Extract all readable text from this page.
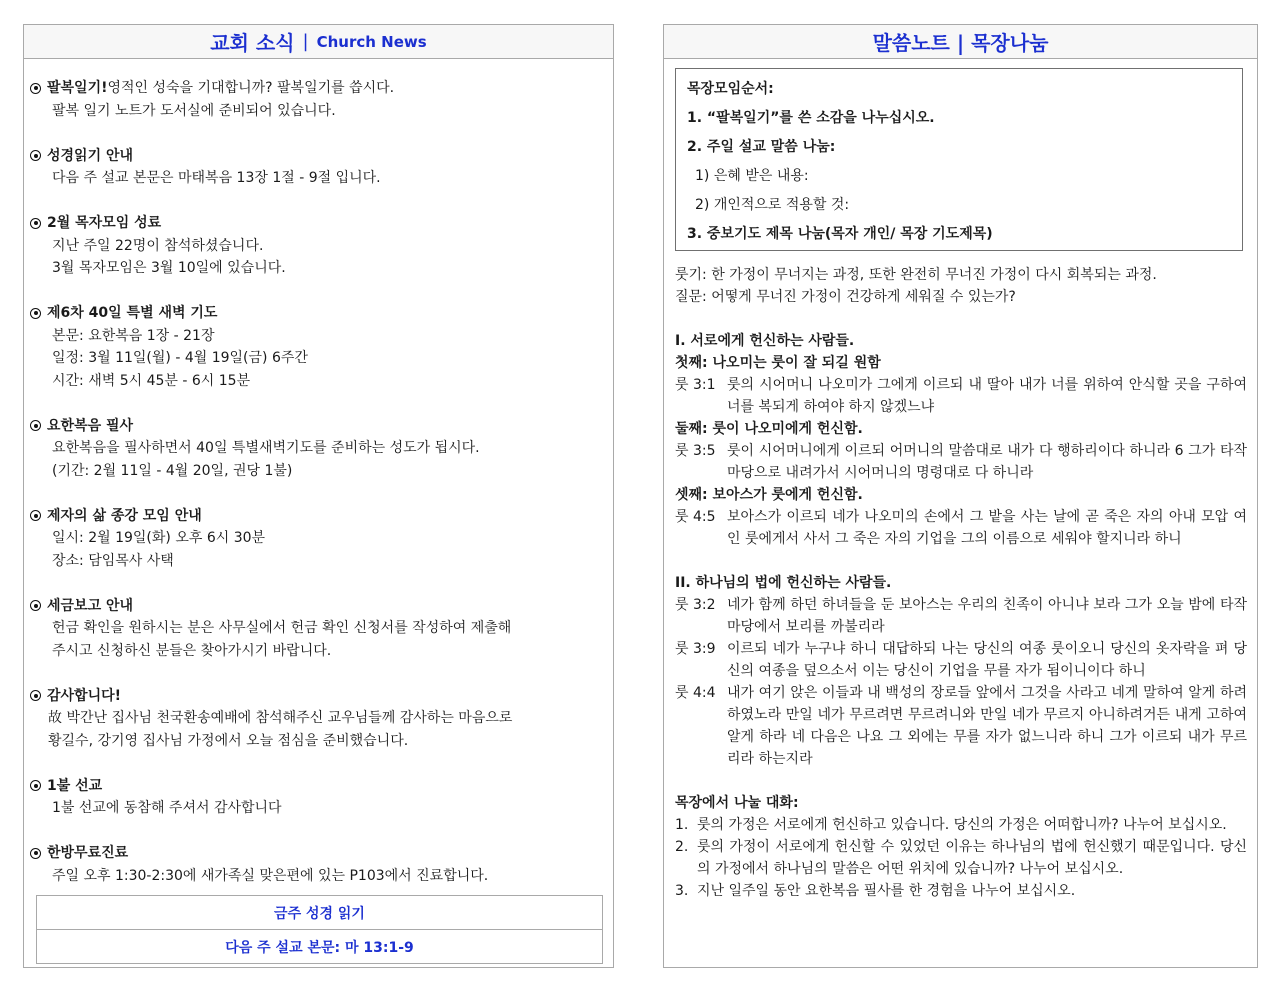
교회 소식 | Church News
팔복일기! 영적인 성숙을 기대합니까? 팔복일기를 씁시다.
팔복 일기 노트가 도서실에 준비되어 있습니다.
성경읽기 안내
다음 주 설교 본문은 마태복음 13장 1절 - 9절 입니다.
2월 목자모임 성료
지난 주일 22명이 참석하셨습니다.
3월 목자모임은 3월 10일에 있습니다.
제6차 40일 특별 새벽 기도
본문: 요한복음 1장 - 21장
일정: 3월 11일(월) - 4월 19일(금) 6주간
시간: 새벽 5시 45분 - 6시 15분
요한복음 필사
요한복음을 필사하면서 40일 특별새벽기도를 준비하는 성도가 됩시다.
(기간: 2월 11일 - 4월 20일, 권당 1불)
제자의 삶 종강 모임 안내
일시: 2월 19일(화) 오후 6시 30분
장소: 담임목사 사택
세금보고 안내
헌금 확인을 원하시는 분은 사무실에서 헌금 확인 신청서를 작성하여 제출해
주시고 신청하신 분들은 찾아가시기 바랍니다.
감사합니다!
故 박간난 집사님 천국환송예배에 참석해주신 교우님들께 감사하는 마음으로
황길수, 강기영 집사님 가정에서 오늘 점심을 준비했습니다.
1불 선교
1불 선교에 동참해 주셔서 감사합니다
한방무료진료
주일 오후 1:30-2:30에 새가족실 맞은편에 있는 P103에서 진료합니다.
금주 성경 읽기
다음 주 설교 본문: 마 13:1-9
말씀노트 | 목장나눔
목장모임순서:
1. “팔복일기”를 쓴 소감을 나누십시오.
2. 주일 설교 말씀 나눔:
1) 은혜 받은 내용:
2) 개인적으로 적용할 것:
3. 중보기도 제목 나눔(목자 개인/ 목장 기도제목)
룻기: 한 가정이 무너지는 과정, 또한 완전히 무너진 가정이 다시 회복되는 과정.
질문: 어떻게 무너진 가정이 건강하게 세워질 수 있는가?
I. 서로에게 헌신하는 사람들.
첫째: 나오미는 룻이 잘 되길 원함
룻 3:1 룻의 시어머니 나오미가 그에게 이르되 내 딸아 내가 너를 위하여 안식할 곳을 구하여 너를 복되게 하여야 하지 않겠느냐
둘째: 룻이 나오미에게 헌신함.
룻 3:5 룻이 시어머니에게 이르되 어머니의 말씀대로 내가 다 행하리이다 하니라 6 그가 타작 마당으로 내려가서 시어머니의 명령대로 다 하니라
셋째: 보아스가 룻에게 헌신함.
룻 4:5 보아스가 이르되 네가 나오미의 손에서 그 밭을 사는 날에 곧 죽은 자의 아내 모압 여인 룻에게서 사서 그 죽은 자의 기업을 그의 이름으로 세워야 할지니라 하니
II. 하나님의 법에 헌신하는 사람들.
룻 3:2 네가 함께 하던 하녀들을 둔 보아스는 우리의 친족이 아니냐 보라 그가 오늘 밤에 타작 마당에서 보리를 까불리라
룻 3:9 이르되 네가 누구냐 하니 대답하되 나는 당신의 여종 룻이오니 당신의 옷자락을 펴 당신의 여종을 덮으소서 이는 당신이 기업을 무를 자가 됨이니이다 하니
룻 4:4 내가 여기 앉은 이들과 내 백성의 장로들 앞에서 그것을 사라고 네게 말하여 알게 하려 하였노라 만일 네가 무르려면 무르려니와 만일 네가 무르지 아니하려거든 내게 고하여 알게 하라 네 다음은 나요 그 외에는 무를 자가 없느니라 하니 그가 이르되 내가 무르리라 하는지라
목장에서 나눌 대화:
1. 룻의 가정은 서로에게 헌신하고 있습니다. 당신의 가정은 어떠합니까? 나누어 보십시오.
2. 룻의 가정이 서로에게 헌신할 수 있었던 이유는 하나님의 법에 헌신했기 때문입니다. 당신의 가정에서 하나님의 말씀은 어떤 위치에 있습니까? 나누어 보십시오.
3. 지난 일주일 동안 요한복음 필사를 한 경험을 나누어 보십시오.
